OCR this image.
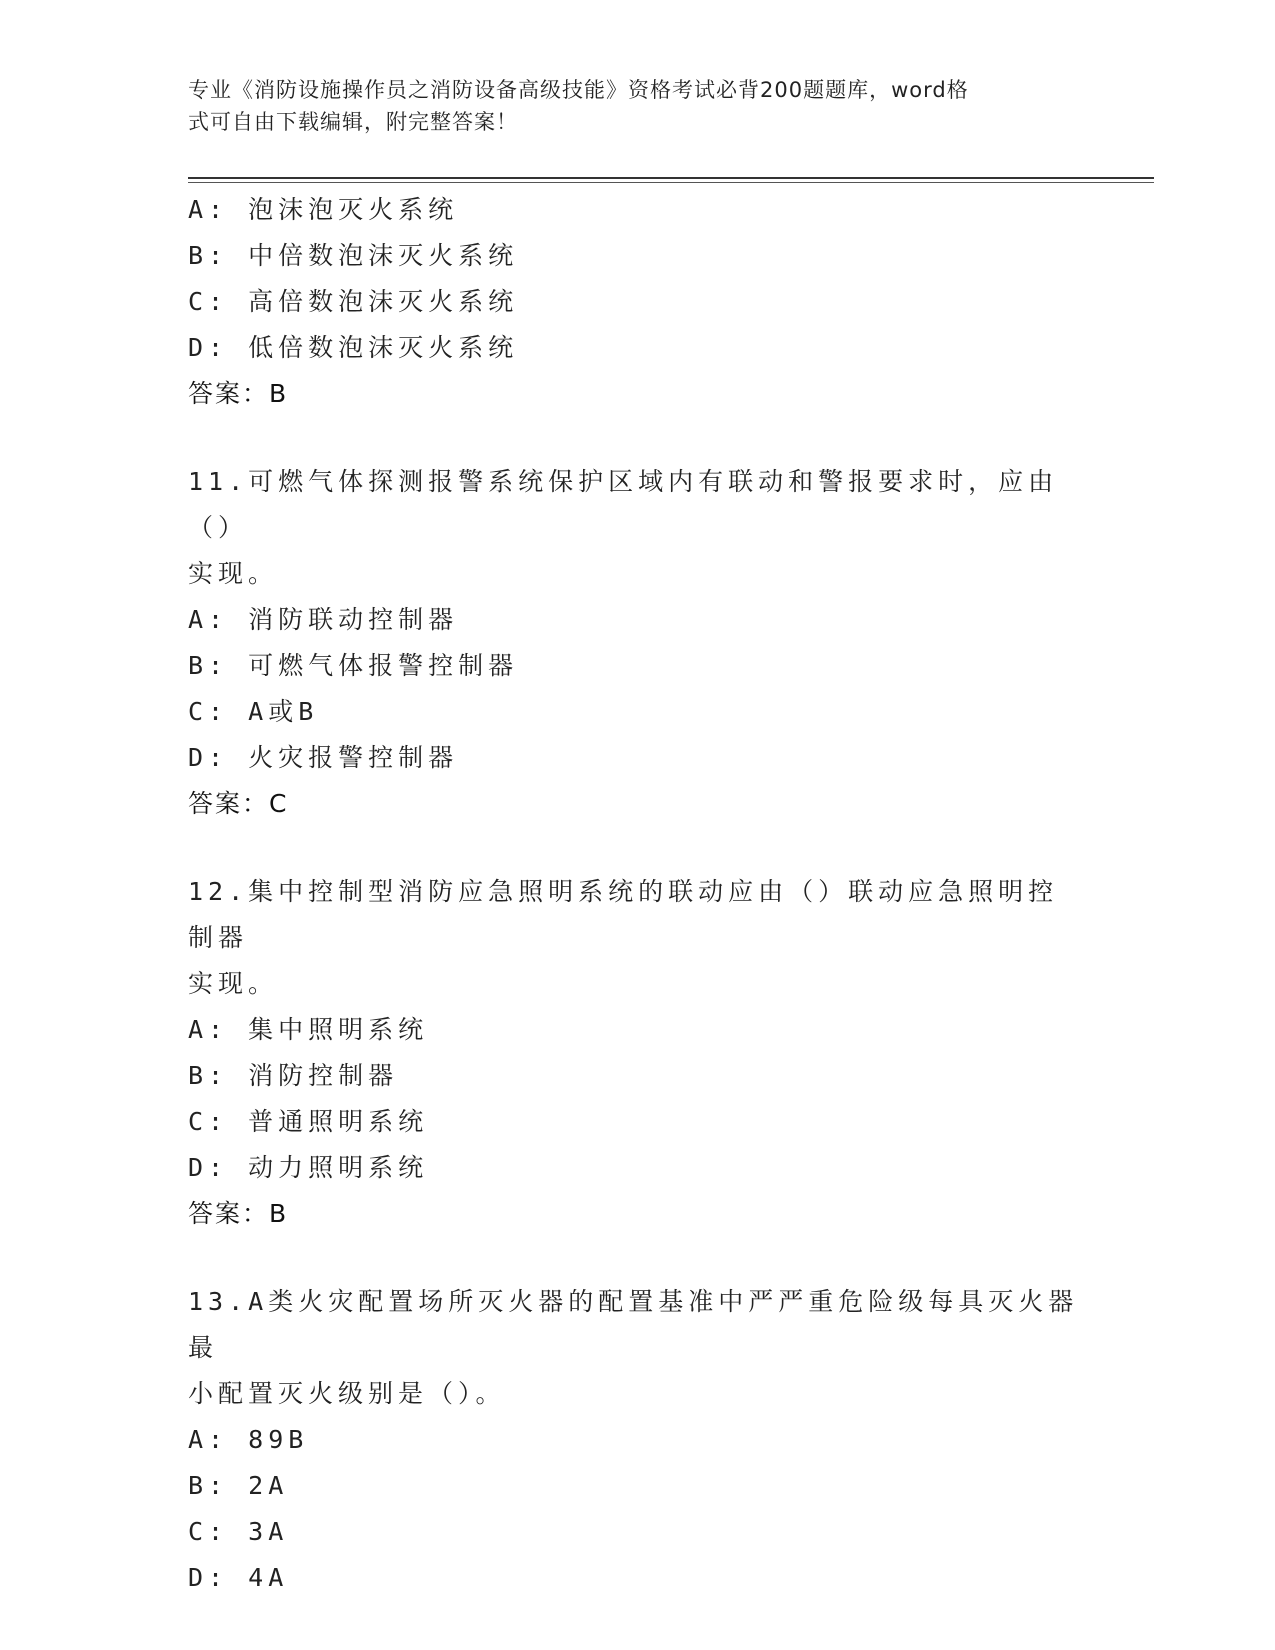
专业《消防设施操作员之消防设备高级技能》资格考试必背200题题库，word格
式可自由下载编辑，附完整答案！
A: 泡沫泡灭火系统
B: 中倍数泡沫灭火系统
C: 高倍数泡沫灭火系统
D: 低倍数泡沫灭火系统
答案：B
11.可燃气体探测报警系统保护区域内有联动和警报要求时，应由（）
实现。
A: 消防联动控制器
B: 可燃气体报警控制器
C: A或B
D: 火灾报警控制器
答案：C
12.集中控制型消防应急照明系统的联动应由（）联动应急照明控制器
实现。
A: 集中照明系统
B: 消防控制器
C: 普通照明系统
D: 动力照明系统
答案：B
13.A类火灾配置场所灭火器的配置基准中严严重危险级每具灭火器最
小配置灭火级别是（）。
A: 89B
B: 2A
C: 3A
D: 4A
